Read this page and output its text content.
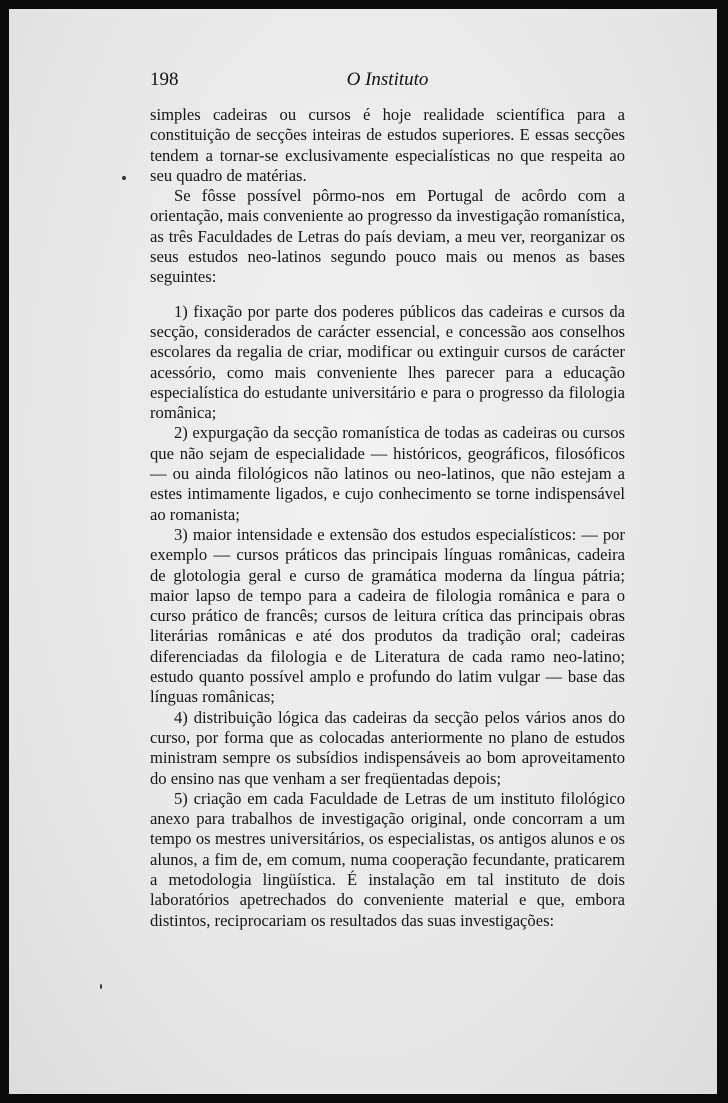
198	O Instituto

simples cadeiras ou cursos é hoje realidade scientífica para a constituição de secções inteiras de estudos superiores. E essas secções tendem a tornar-se exclusivamente especialísticas no que respeita ao seu quadro de matérias.

Se fôsse possível pôrmo-nos em Portugal de acôrdo com a orientação, mais conveniente ao progresso da investigação romanística, as três Faculdades de Letras do país deviam, a meu ver, reorganizar os seus estudos neo-latinos segundo pouco mais ou menos as bases seguintes:

1) fixação por parte dos poderes públicos das cadeiras e cursos da secção, considerados de carácter essencial, e concessão aos conselhos escolares da regalia de criar, modificar ou extinguir cursos de carácter acessório, como mais conveniente lhes parecer para a educação especialística do estudante universitário e para o progresso da filologia românica;

2) expurgação da secção romanística de todas as cadeiras ou cursos que não sejam de especialidade — históricos, geográficos, filosóficos — ou ainda filológicos não latinos ou neo-latinos, que não estejam a estes intimamente ligados, e cujo conhecimento se torne indispensável ao romanista;

3) maior intensidade e extensão dos estudos especialísticos: — por exemplo — cursos práticos das principais línguas românicas, cadeira de glotologia geral e curso de gramática moderna da língua pátria; maior lapso de tempo para a cadeira de filologia românica e para o curso prático de francês; cursos de leitura crítica das principais obras literárias românicas e até dos produtos da tradição oral; cadeiras diferenciadas da filologia e de Literatura de cada ramo neo-latino; estudo quanto possível amplo e profundo do latim vulgar — base das línguas românicas;

4) distribuição lógica das cadeiras da secção pelos vários anos do curso, por forma que as colocadas anteriormente no plano de estudos ministram sempre os subsídios indispensáveis ao bom aproveitamento do ensino nas que venham a ser freqüentadas depois;

5) criação em cada Faculdade de Letras de um instituto filológico anexo para trabalhos de investigação original, onde concorram a um tempo os mestres universitários, os especialistas, os antigos alunos e os alunos, a fim de, em comum, numa cooperação fecundante, praticarem a metodologia lingüística. É instalação em tal instituto de dois laboratórios apetrechados do conveniente material e que, embora distintos, reciprocariam os resultados das suas investigações:
